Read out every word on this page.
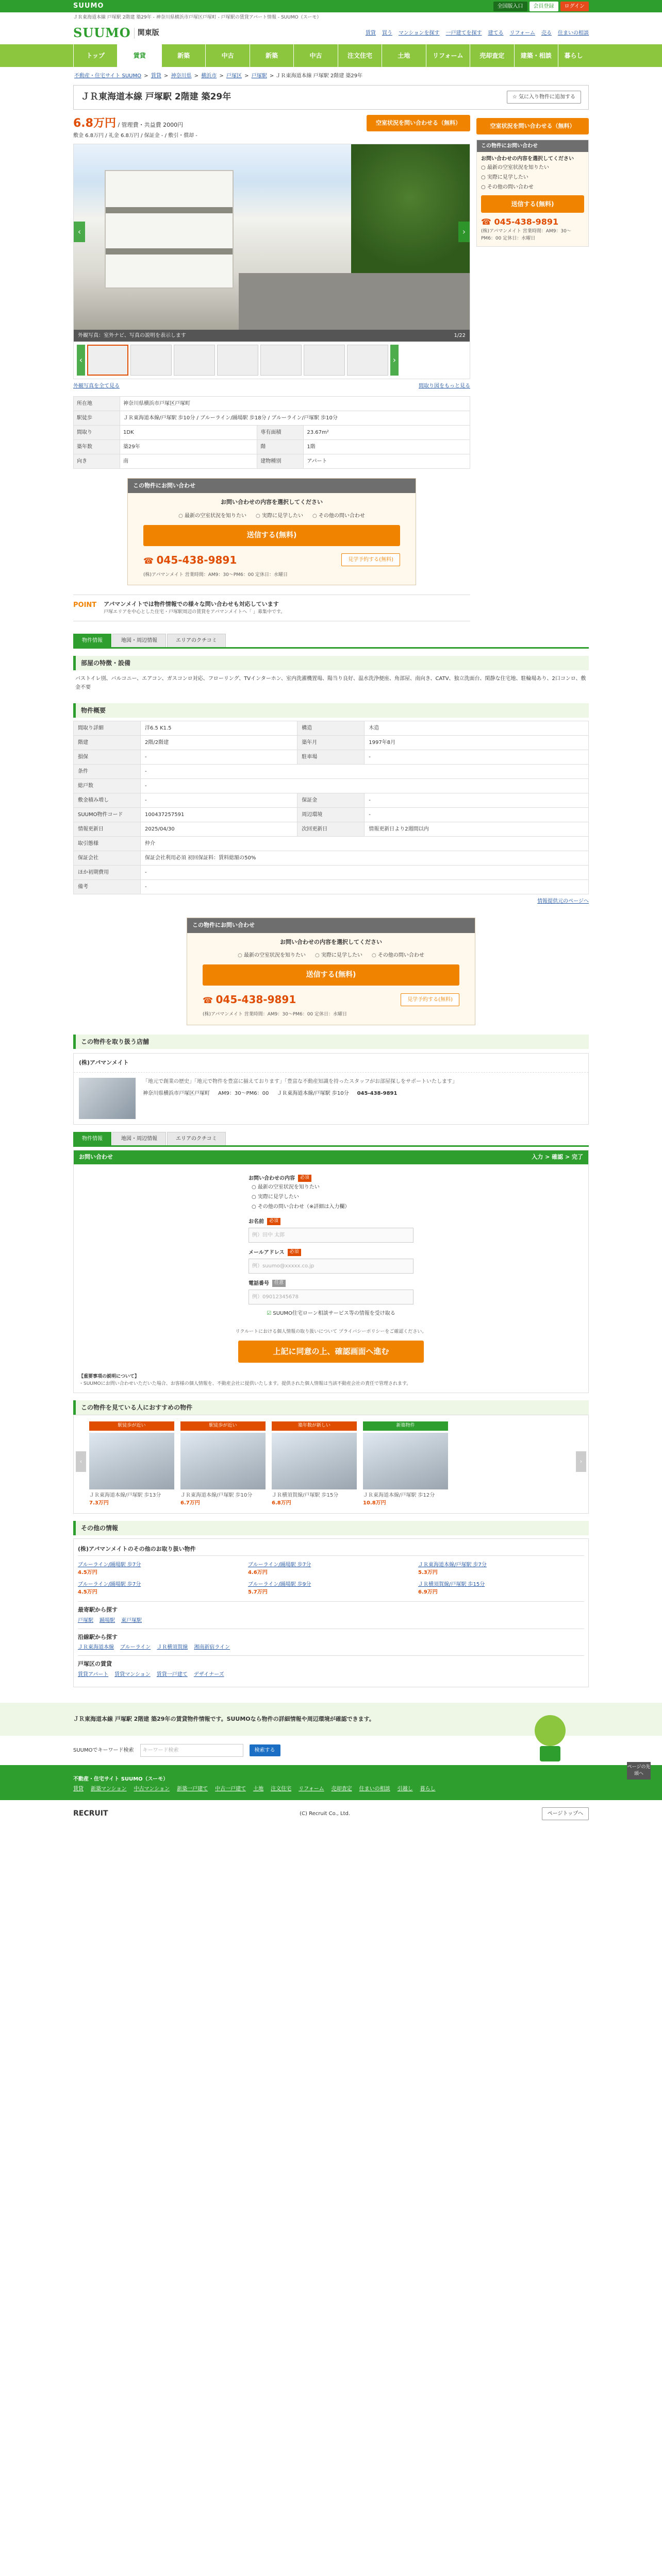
SUUMO	全国版入口	会員登録	ログイン
ＪＲ東海道本線 戸塚駅 2階建 築29年 - 神奈川県横浜市戸塚区戸塚町 - 戸塚駅の賃貸アパート情報 - SUUMO（スーモ）
SUUMO 関東版	賃貸 買う マンションを探す 一戸建てを探す 建てる リフォーム 売る 住まいの相談
トップ	賃貸	新築	中古	新築	中古	注文住宅	土地	リフォーム	売却査定	建築・相談	暮らし
不動産・住宅サイト SUUMO > 賃貸 > 神奈川県 > 横浜市 > 戸塚区 > 戸塚駅 > ＪＲ東海道本線 戸塚駅 2階建 築29年
ＪＲ東海道本線 戸塚駅 2階建 築29年	☆ 気に入り物件に追加する
6.8万円 / 管理費・共益費 2000円
敷金 6.8万円 / 礼金 6.8万円 / 保証金 - / 敷引・償却 -
空室状況を問い合わせる（無料）
‹	›
外観写真：室外ナビ、写真の説明を表示します	1/22
‹	›
外観写真を全て見る	間取り図をもっと見る
所在地	神奈川県横浜市戸塚区戸塚町		
駅徒歩	ＪＲ東海道本線/戸塚駅 歩10分 / ブルーライン/踊場駅 歩18分 / ブルーライン/戸塚駅 歩10分		
間取り	1DK	専有面積	23.67m²
築年数	築29年	階	1階
向き	南	建物種別	アパート
この物件にお問い合わせ
お問い合わせの内容を選択してください
○ 最新の空室状況を知りたい	○ 実際に見学したい	○ その他の問い合わせ
送信する(無料)
☎ 045-438-9891	見学予約する(無料)
(株)アパマンメイト 営業時間：AM9：30～PM6：00 定休日：水曜日
POINT アパマンメイトでは物件情報での様々な問い合わせも対応しています
戸塚エリアを中心とした住宅・戸塚駅周辺の賃貸をアパマンメイトへ「 」募集中です。
空室状況を問い合わせる（無料）
この物件にお問い合わせ
お問い合わせの内容を選択してください
○ 最新の空室状況を知りたい
○ 実際に見学したい
○ その他の問い合わせ
送信する(無料)
☎ 045-438-9891
(株)アパマンメイト 営業時間：AM9：30～PM6：00 定休日：水曜日
物件情報	地図・周辺情報	エリアのクチコミ
部屋の特徴・設備
バストイレ別、バルコニー、エアコン、ガスコンロ対応、フローリング、TVインターホン、室内洗濯機置場、陽当り良好、温水洗浄便座、角部屋、南向き、CATV、独立洗面台、閑静な住宅地、駐輪場あり、2口コンロ、敷金不要
物件概要
間取り詳細	洋6.5 K1.5	構造	木造
階建	2階/2階建	築年月	1997年8月
損保	-	駐車場	-
条件	-		
総戸数	-		
敷金積み増し	-	保証金	-
SUUMO物件コード	100437257591	周辺環境	-
情報更新日	2025/04/30	次回更新日	情報更新日より2週間以内
取引態様	仲介		
保証会社	保証会社利用必須 初回保証料：賃料総額の50%		
ほか初期費用	-		
備考	-		
情報提供元のページへ
この物件にお問い合わせ
お問い合わせの内容を選択してください
○ 最新の空室状況を知りたい	○ 実際に見学したい	○ その他の問い合わせ
送信する(無料)
☎ 045-438-9891	見学予約する(無料)
(株)アパマンメイト 営業時間：AM9：30～PM6：00 定休日：水曜日
この物件を取り扱う店舗
(株)アパマンメイト
「地元で創業の歴史」「地元で物件を豊富に揃えております」「豊富な不動産知識を持ったスタッフがお部屋探しをサポートいたします」
神奈川県横浜市戸塚区戸塚町 AM9：30～PM6：00 ＪＲ東海道本線/戸塚駅 歩10分 045-438-9891
物件情報	地図・周辺情報	エリアのクチコミ
お問い合わせ	入力 > 確認 > 完了
お問い合わせの内容	必須
○ 最新の空室状況を知りたい
○ 実際に見学したい
○ その他の問い合わせ（※詳細は入力欄）
お名前	必須
例）田中 太郎
メールアドレス	必須
例）suumo@xxxxx.co.jp
電話番号	任意
例）09012345678
☑ SUUMO住宅ローン相談サービス等の情報を受け取る
リクルートにおける個人情報の取り扱いについて プライバシーポリシーをご確認ください。
上記に同意の上、確認画面へ進む
【重要事項の説明について】
・SUUMOにお問い合わせいただいた場合、お客様の個人情報を、不動産会社に提供いたします。提供された個人情報は当該不動産会社の責任で管理されます。
この物件を見ている人におすすめの物件
‹
駅徒歩が近い
ＪＲ東海道本線/戸塚駅 歩13分
7.3万円
駅徒歩が近い
ＪＲ東海道本線/戸塚駅 歩10分
6.7万円
築年数が新しい
ＪＲ横須賀線/戸塚駅 歩15分
6.8万円
新築物件
ＪＲ東海道本線/戸塚駅 歩12分
10.8万円
›
その他の情報
(株)アパマンメイトのその他のお取り扱い物件
ブルーライン/踊場駅 歩7分
4.5万円
ブルーライン/踊場駅 歩7分
4.6万円
ＪＲ東海道本線/戸塚駅 歩7分
5.3万円
ブルーライン/踊場駅 歩7分
4.5万円
ブルーライン/踊場駅 歩9分
5.7万円
ＪＲ横須賀線/戸塚駅 歩15分
6.9万円
最寄駅から探す
戸塚駅 踊場駅 東戸塚駅
沿線駅から探す
ＪＲ東海道本線 ブルーライン ＪＲ横須賀線 湘南新宿ライン
戸塚区の賃貸
賃貸アパート 賃貸マンション 賃貸一戸建て デザイナーズ
ページの先頭へ
ＪＲ東海道本線 戸塚駅 2階建 築29年の賃貸物件情報です。SUUMOなら物件の詳細情報や周辺環境が確認できます。
SUUMOでキーワード検索	キーワード検索	検索する
不動産・住宅サイト SUUMO（スーモ）
賃貸 新築マンション 中古マンション 新築一戸建て 中古一戸建て 土地 注文住宅 リフォーム 売却査定 住まいの相談 引越し 暮らし
RECRUIT	(C) Recruit Co., Ltd.	ページトップへ
